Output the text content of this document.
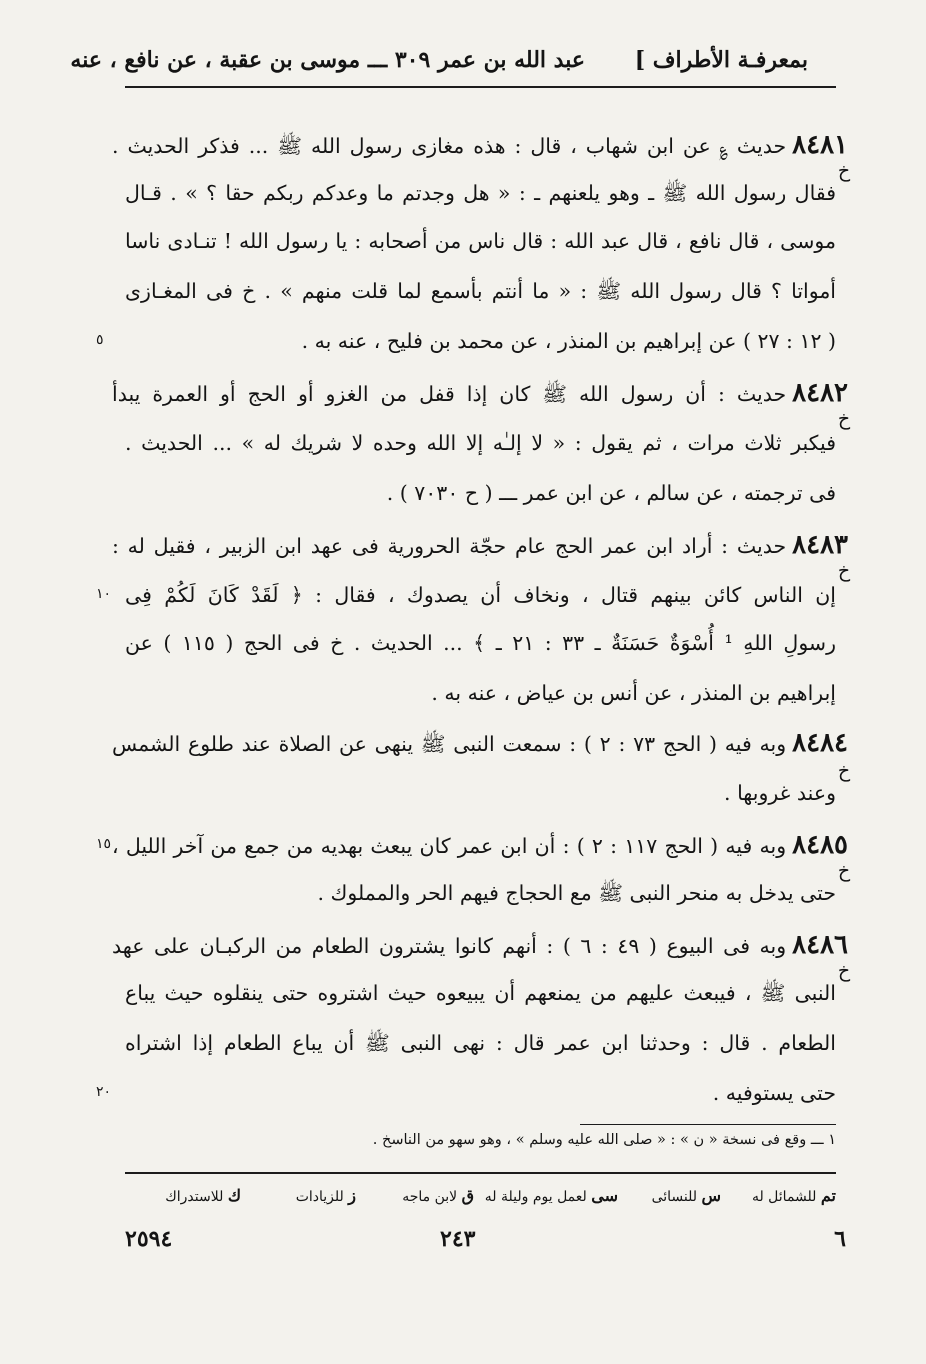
بمعرفـة الأطراف ]
عبد الله بن عمر ٣٠٩ ـــ موسى بن عقبة ، عن نافع ، عنه
٨٤٨١حديث ؏ عن ابن شهاب ، قال : هذه مغازى رسول الله ﷺ ... فذكر الحديث .
خ
فقال رسول الله ﷺ ـ وهو يلعنهم ـ : « هل وجدتم ما وعدكم ربكم حقا ؟ » . قـال
موسى ، قال نافع ، قال عبد الله : قال ناس من أصحابه : يا رسول الله ! تنـادى ناسا
أمواتا ؟ قال رسول الله ﷺ : « ما أنتم بأسمع لما قلت منهم » . خ فى المغـازى
( ١٢ : ٢٧ ) عن إبراهيم بن المنذر ، عن محمد بن فليح ، عنه به .
٥
٨٤٨٢حديث : أن رسول الله ﷺ كان إذا قفل من الغزو أو الحج أو العمرة يبدأ
خ
فيكبر ثلاث مرات ، ثم يقول : « لا إلـٰه إلا الله وحده لا شريك له » ... الحديث .
فى ترجمته ، عن سالم ، عن ابن عمر ـــ ( ح ٧٠٣٠ ) .
٨٤٨٣حديث : أراد ابن عمر الحج عام حجّة الحرورية فى عهد ابن الزبير ، فقيل له :
خ
إن الناس كائن بينهم قتال ، ونخاف أن يصدوك ، فقال : ﴿ لَقَدْ كَانَ لَكُمْ فِى
١٠
رسولِ اللهِ ¹ أُسْوَةٌ حَسَنَةٌ ـ ٣٣ : ٢١ ـ ﴾ ... الحديث . خ فى الحج ( ١١٥ ) عن
إبراهيم بن المنذر ، عن أنس بن عياض ، عنه به .
٨٤٨٤وبه فيه ( الحج ٧٣ : ٢ ) : سمعت النبى ﷺ ينهى عن الصلاة عند طلوع الشمس
خ
وعند غروبها .
٨٤٨٥وبه فيه ( الحج ١١٧ : ٢ ) : أن ابن عمر كان يبعث بهديه من جمع من آخر الليل ،
١٥
خ
حتى يدخل به منحر النبى ﷺ مع الحجاج فيهم الحر والمملوك .
٨٤٨٦وبه فى البيوع ( ٤٩ : ٦ ) : أنهم كانوا يشترون الطعام من الركبـان على عهد
خ
النبى ﷺ ، فيبعث عليهم من يمنعهم أن يبيعوه حيث اشتروه حتى ينقلوه حيث يباع
الطعام . قال : وحدثنا ابن عمر قال : نهى النبى ﷺ أن يباع الطعام إذا اشتراه
حتى يستوفيه .
٢٠
١ ـــ وقع فى نسخة « ن » : « صلى الله عليه وسلم » ، وهو سهو من الناسخ .
تم للشمائل له
س للنسائى
سى لعمل يوم وليلة له
ق لابن ماجه
ز للزيادات
ك للاستدراك
٦
٢٤٣
٢٥٩٤
